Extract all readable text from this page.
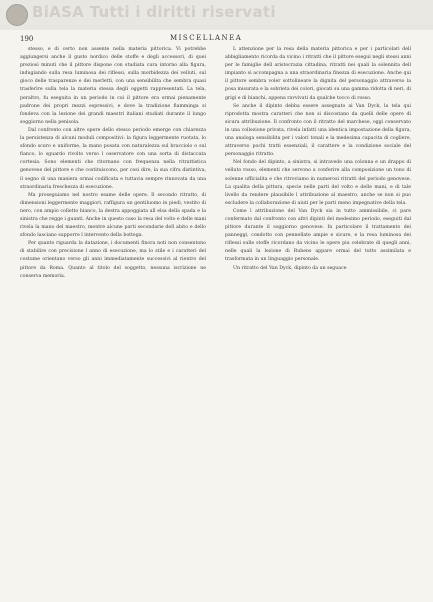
BiASA Tutti i diritti riservati
190	MISCELLANEA

stesso, e di certo non assente nella materia pittorica. Vi potrebbe aggiungersi anche il gusto nordico delle stoffe e degli accessori, di quei preziosi minuti che il pittore dispone con studiata cura intorno alla figura, indugiando sulla resa luminosa dei riflessi, sulla morbidezza dei velluti, sul gioco delle trasparenze e dei merletti, con una sensibilita che sembra quasi trasferire sulla tela la materia stessa degli oggetti rappresentati. La tela, peraltro, fu eseguita in un periodo in cui il pittore era ormai pienamente padrone dei propri mezzi espressivi, e dove la tradizione fiamminga si fondeva con la lezione dei grandi maestri italiani studiati durante il lungo soggiorno nella penisola.

Dal confronto con altre opere dello stesso periodo emerge con chiarezza la persistenza di alcuni moduli compositivi: la figura leggermente ruotata, lo sfondo scuro e uniforme, la mano posata con naturalezza sul bracciolo o sul fianco, lo sguardo rivolto verso l osservatore con una sorta di distaccata cortesia. Sono elementi che ritornano con frequenza nella ritrattistica genovese del pittore e che costituiscono, per cosi dire, la sua cifra distintiva, il segno di una maniera ormai codificata e tuttavia sempre rinnovata da una straordinaria freschezza di esecuzione.

Ma proseguiamo nel nostro esame delle opere. Il secondo ritratto, di dimensioni leggermente maggiori, raffigura un gentiluomo in piedi, vestito di nero, con ampio colletto bianco, la destra appoggiata all elsa della spada e la sinistra che regge i guanti. Anche in questo caso la resa del volto e delle mani rivela la mano del maestro, mentre alcune parti secondarie dell abito e dello sfondo lasciano supporre l intervento della bottega.

Per quanto riguarda la datazione, i documenti finora noti non consentono di stabilire con precisione l anno di esecuzione, ma lo stile e i caratteri del costume orientano verso gli anni immediatamente successivi al rientro del pittore da Roma. Quanto al titolo del soggetto, nessuna iscrizione ne conserva memoria.

L attenzione per la resa della materia pittorica e per i particolari dell abbigliamento ricorda da vicino i ritratti che il pittore eseguì negli stessi anni per le famiglie dell aristocrazia cittadina, ritratti nei quali la solennita dell impianto si accompagna a una straordinaria finezza di esecuzione. Anche qui il pittore sembra voler sottolineare la dignita del personaggio attraverso la posa misurata e la sobrieta dei colori, giocati su una gamma ridotta di neri, di grigi e di bianchi, appena ravvivati da qualche tocco di rosso.

Se anche il dipinto debba essere assegnato al Van Dyck, la tela qui riprodotta mostra caratteri che non si discostano da quelli delle opere di sicura attribuzione. Il confronto con il ritratto del marchese, oggi conservato in una collezione privata, rivela infatti una identica impostazione della figura, una analoga sensibilita per i valori tonali e la medesima capacita di cogliere, attraverso pochi tratti essenziali, il carattere e la condizione sociale del personaggio ritratto.

Nel fondo del dipinto, a sinistra, si intravede una colonna e un drappo di velluto rosso, elementi che servono a conferire alla composizione un tono di solenne ufficialita e che ritroviamo in numerosi ritratti del periodo genovese. La qualita della pittura, specie nelle parti del volto e delle mani, e di tale livello da rendere plausibile l attribuzione al maestro, anche se non si puo escludere la collaborazione di aiuti per le parti meno impegnative della tela.

Come l attribuzione del Van Dyck sia in tutto ammissibile, ci pare confermato dal confronto con altri dipinti del medesimo periodo, eseguiti dal pittore durante il soggiorno genovese. In particolare il trattamento dei panneggi, condotto con pennellate ampie e sicure, e la resa luminosa dei riflessi sulle stoffe ricordano da vicino le opere piu celebrate di quegli anni, nelle quali la lezione di Rubens appare ormai del tutto assimilata e trasformata in un linguaggio personale.

Un ritratto del Van Dyck, dipinto da un seguace
